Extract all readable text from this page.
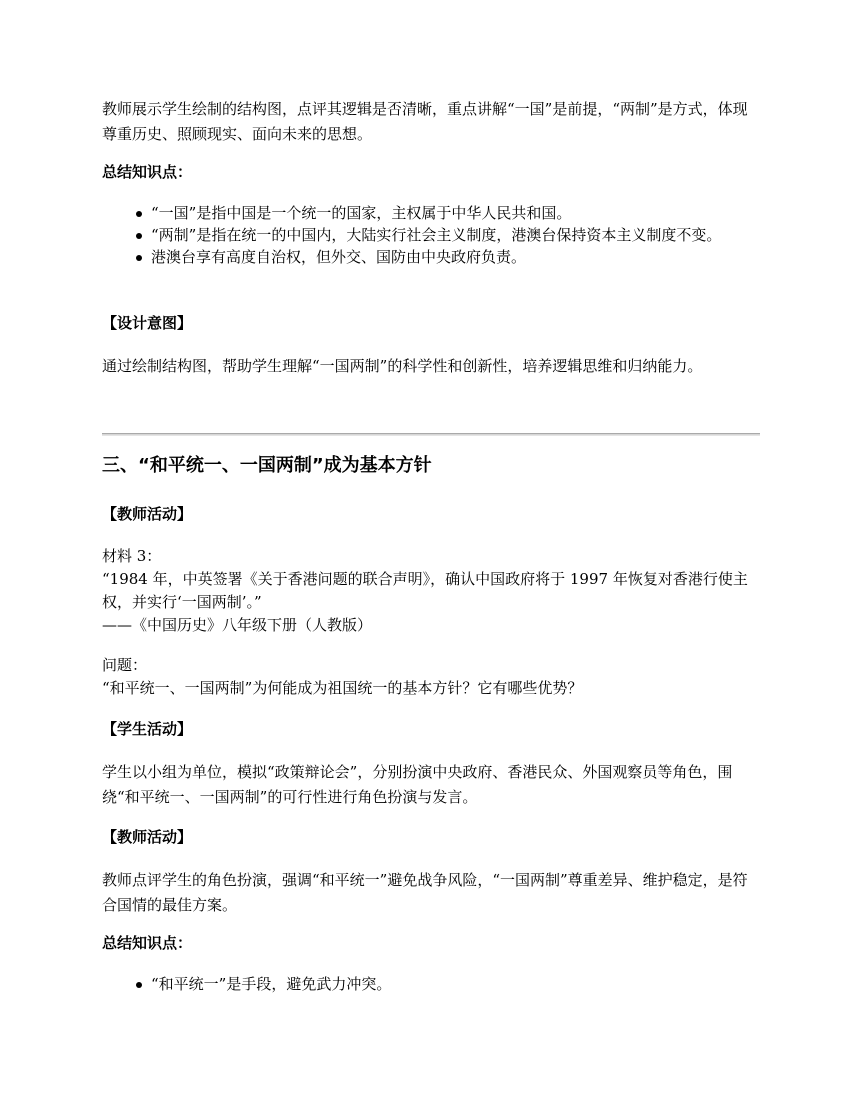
教师展示学生绘制的结构图，点评其逻辑是否清晰，重点讲解“一国”是前提，“两制”是方式，体现尊重历史、照顾现实、面向未来的思想。

总结知识点：

“一国”是指中国是一个统一的国家，主权属于中华人民共和国。
“两制”是指在统一的中国内，大陆实行社会主义制度，港澳台保持资本主义制度不变。
港澳台享有高度自治权，但外交、国防由中央政府负责。

【设计意图】

通过绘制结构图，帮助学生理解“一国两制”的科学性和创新性，培养逻辑思维和归纳能力。

三、“和平统一、一国两制”成为基本方针

【教师活动】

材料 3：

“1984 年，中英签署《关于香港问题的联合声明》，确认中国政府将于 1997 年恢复对香港行使主权，并实行‘一国两制’。”

——《中国历史》八年级下册（人教版）

问题：

“和平统一、一国两制”为何能成为祖国统一的基本方针？它有哪些优势？

【学生活动】

学生以小组为单位，模拟“政策辩论会”，分别扮演中央政府、香港民众、外国观察员等角色，围绕“和平统一、一国两制”的可行性进行角色扮演与发言。

【教师活动】

教师点评学生的角色扮演，强调“和平统一”避免战争风险，“一国两制”尊重差异、维护稳定，是符合国情的最佳方案。

总结知识点：

“和平统一”是手段，避免武力冲突。
